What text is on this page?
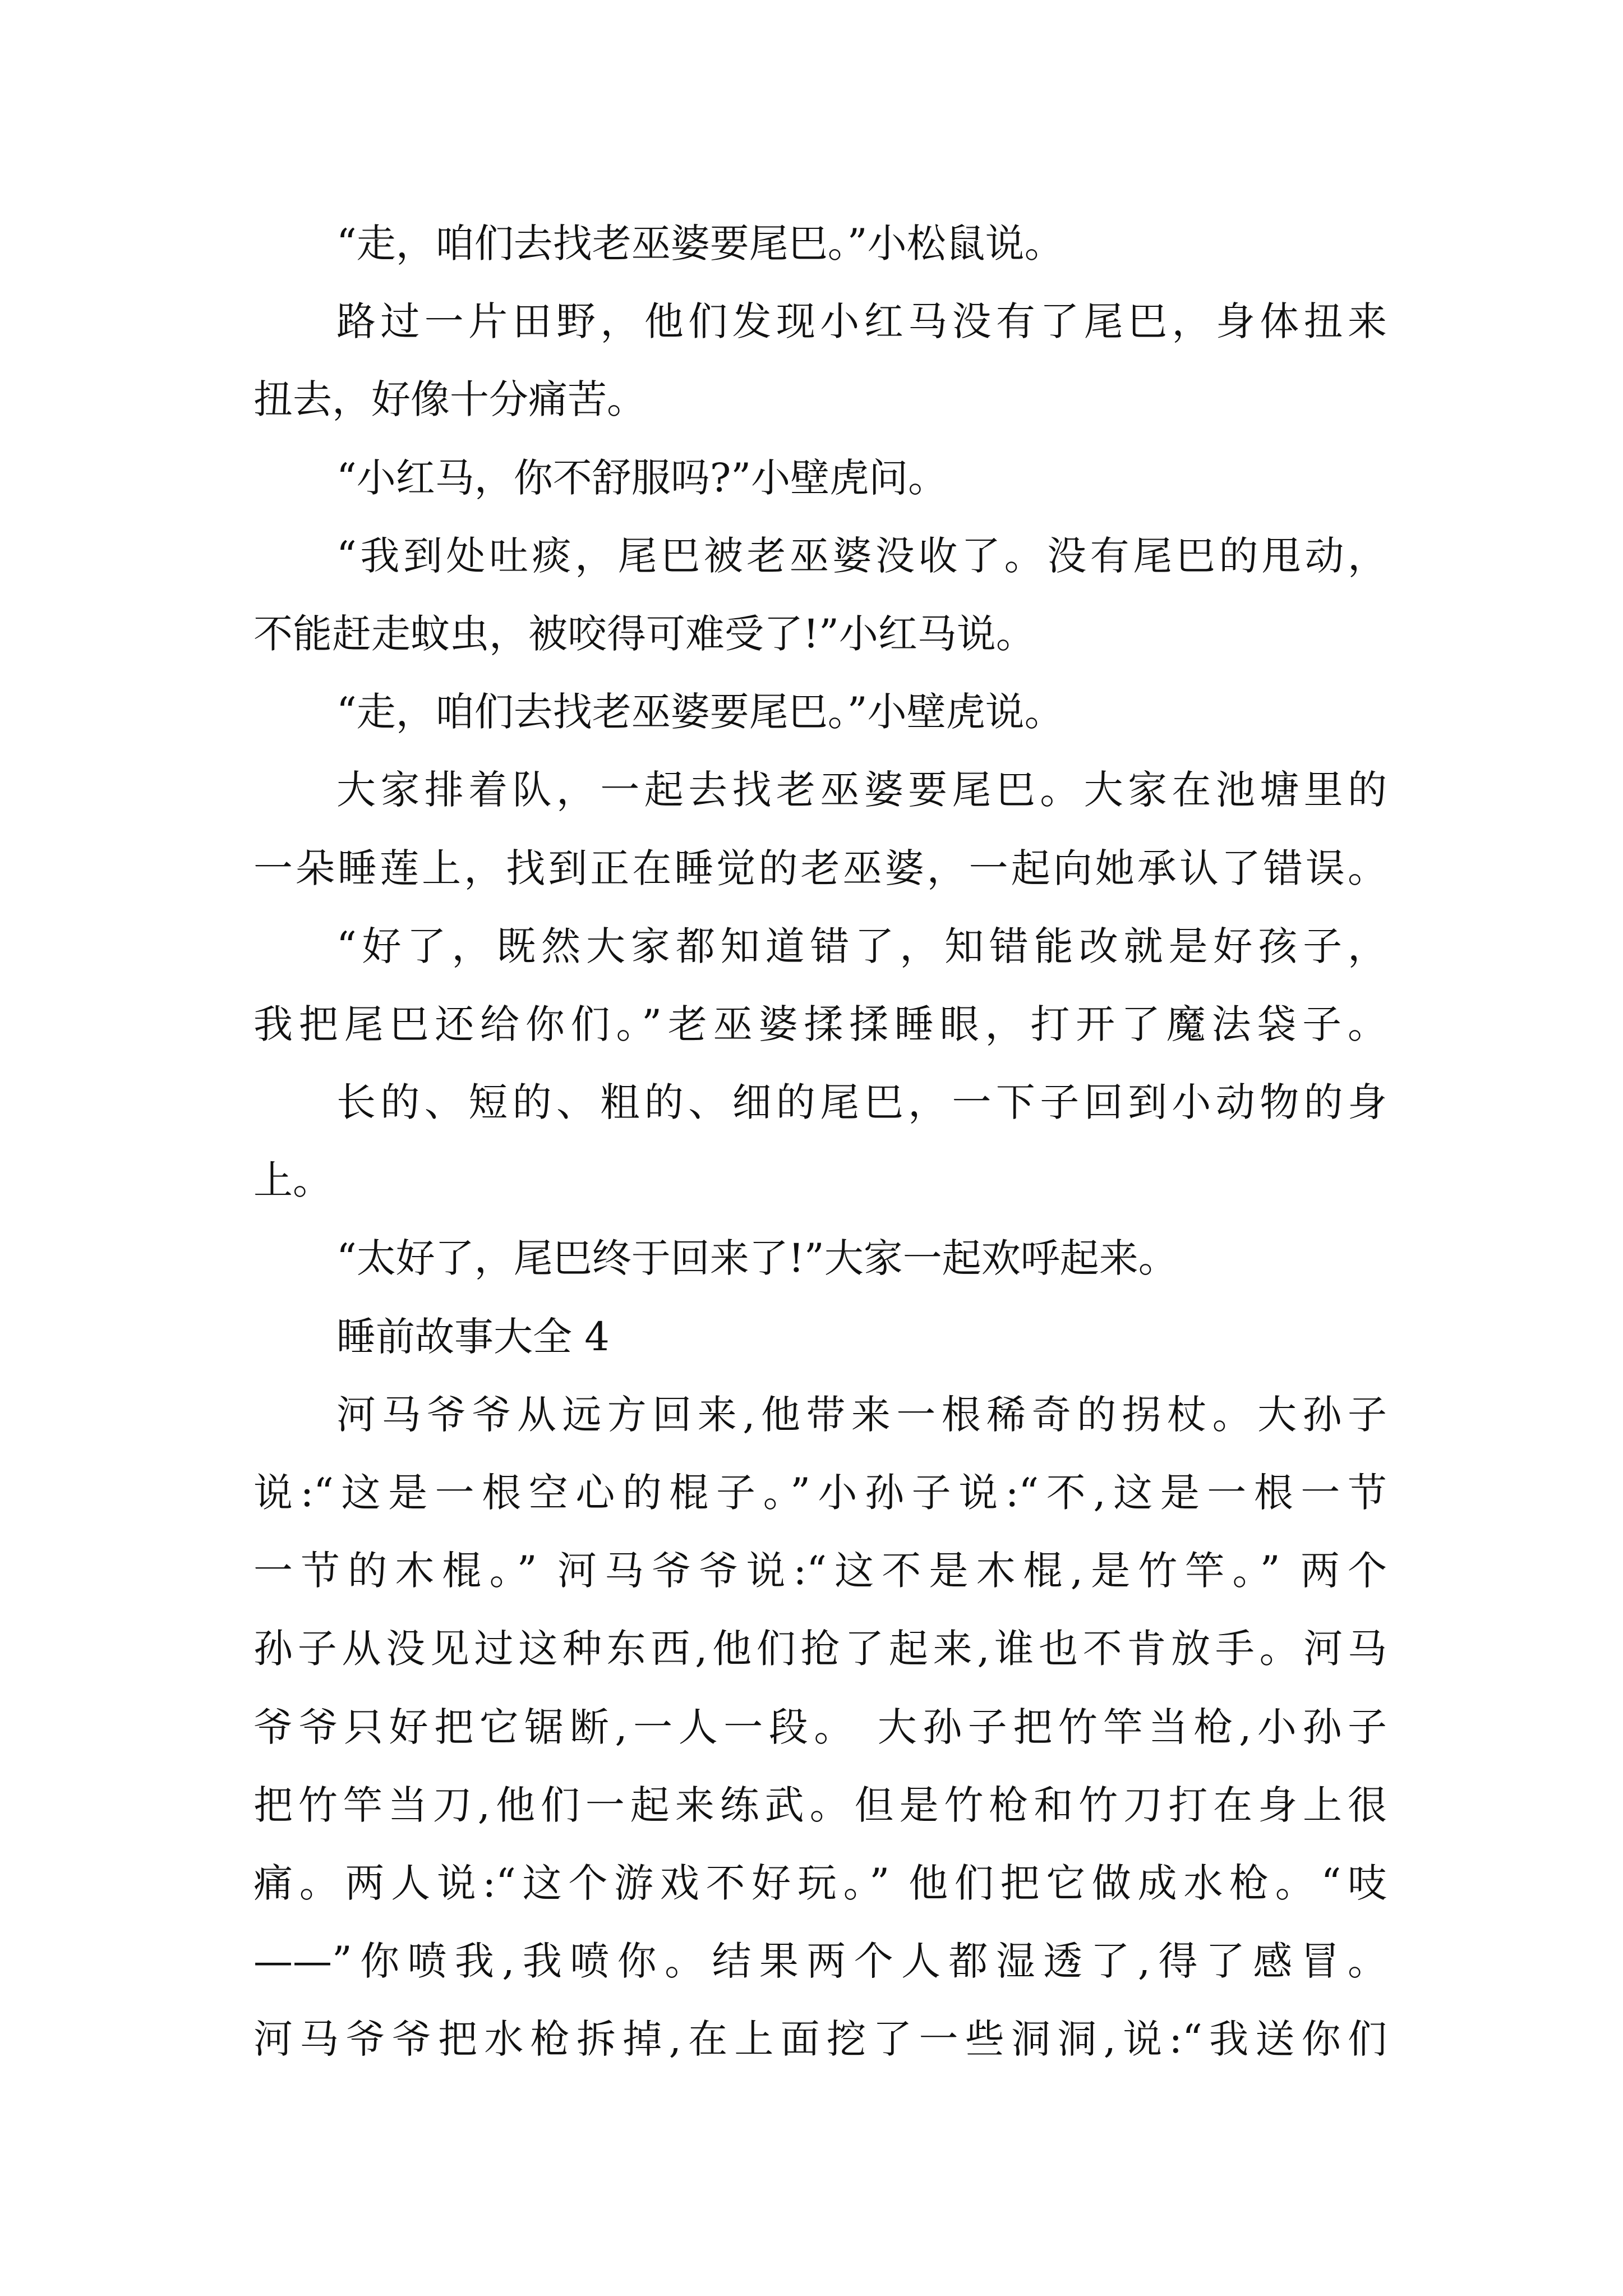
“走，咱们去找老巫婆要尾巴。”小松鼠说。
路过一片田野，他们发现小红马没有了尾巴，身体扭来
扭去，好像十分痛苦。
“小红马，你不舒服吗?”小壁虎问。
“我到处吐痰，尾巴被老巫婆没收了。没有尾巴的甩动，
不能赶走蚊虫，被咬得可难受了!”小红马说。
“走，咱们去找老巫婆要尾巴。”小壁虎说。
大家排着队，一起去找老巫婆要尾巴。大家在池塘里的
一朵睡莲上，找到正在睡觉的老巫婆，一起向她承认了错误。
“好了，既然大家都知道错了，知错能改就是好孩子，
我把尾巴还给你们。”老巫婆揉揉睡眼，打开了魔法袋子。
长的、短的、粗的、细的尾巴，一下子回到小动物的身
上。
“太好了，尾巴终于回来了!”大家一起欢呼起来。
睡前故事大全 4
河马爷爷从远方回来,他带来一根稀奇的拐杖。大孙子
说:“这是一根空心的棍子。”小孙子说:“不,这是一根一节
一节的木棍。” 河马爷爷说:“这不是木棍,是竹竿。” 两个
孙子从没见过这种东西,他们抢了起来,谁也不肯放手。河马
爷爷只好把它锯断,一人一段。 大孙子把竹竿当枪,小孙子
把竹竿当刀,他们一起来练武。但是竹枪和竹刀打在身上很
痛。两人说:“这个游戏不好玩。” 他们把它做成水枪。“吱
——”你喷我,我喷你。结果两个人都湿透了,得了感冒。
河马爷爷把水枪拆掉,在上面挖了一些洞洞,说:“我送你们
